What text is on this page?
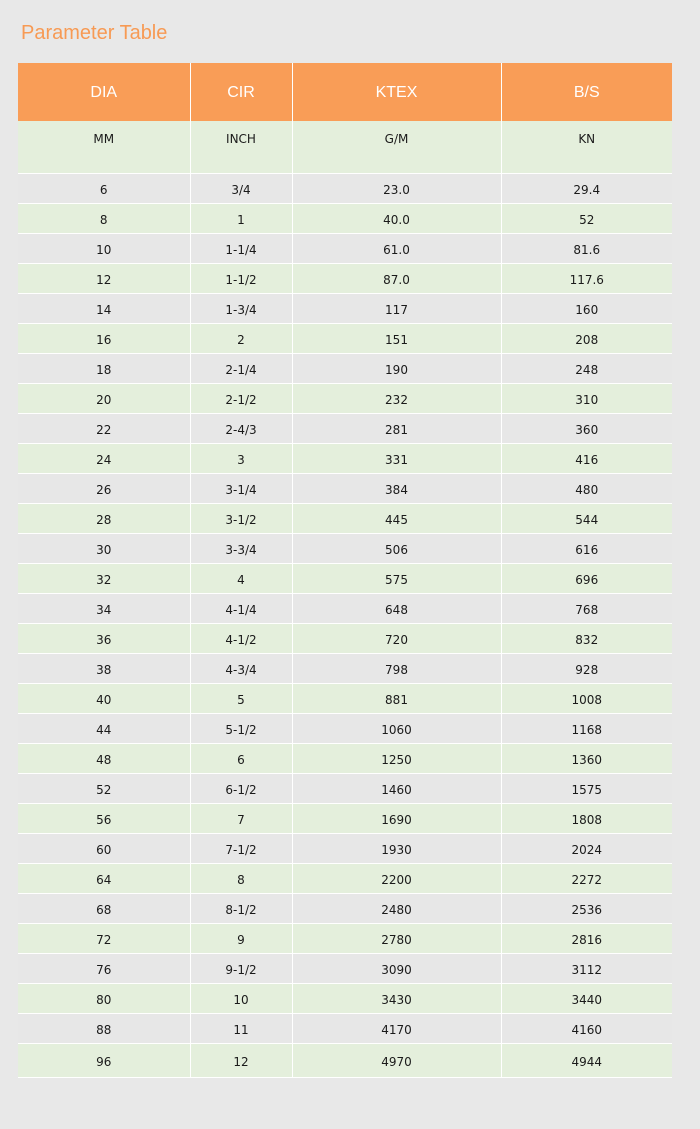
Parameter Table
DIA	CIR	KTEX	B/S
MM	INCH	G/M	KN
6	3/4	23.0	29.4
8	1	40.0	52
10	1-1/4	61.0	81.6
12	1-1/2	87.0	117.6
14	1-3/4	117	160
16	2	151	208
18	2-1/4	190	248
20	2-1/2	232	310
22	2-4/3	281	360
24	3	331	416
26	3-1/4	384	480
28	3-1/2	445	544
30	3-3/4	506	616
32	4	575	696
34	4-1/4	648	768
36	4-1/2	720	832
38	4-3/4	798	928
40	5	881	1008
44	5-1/2	1060	1168
48	6	1250	1360
52	6-1/2	1460	1575
56	7	1690	1808
60	7-1/2	1930	2024
64	8	2200	2272
68	8-1/2	2480	2536
72	9	2780	2816
76	9-1/2	3090	3112
80	10	3430	3440
88	11	4170	4160
96	12	4970	4944
